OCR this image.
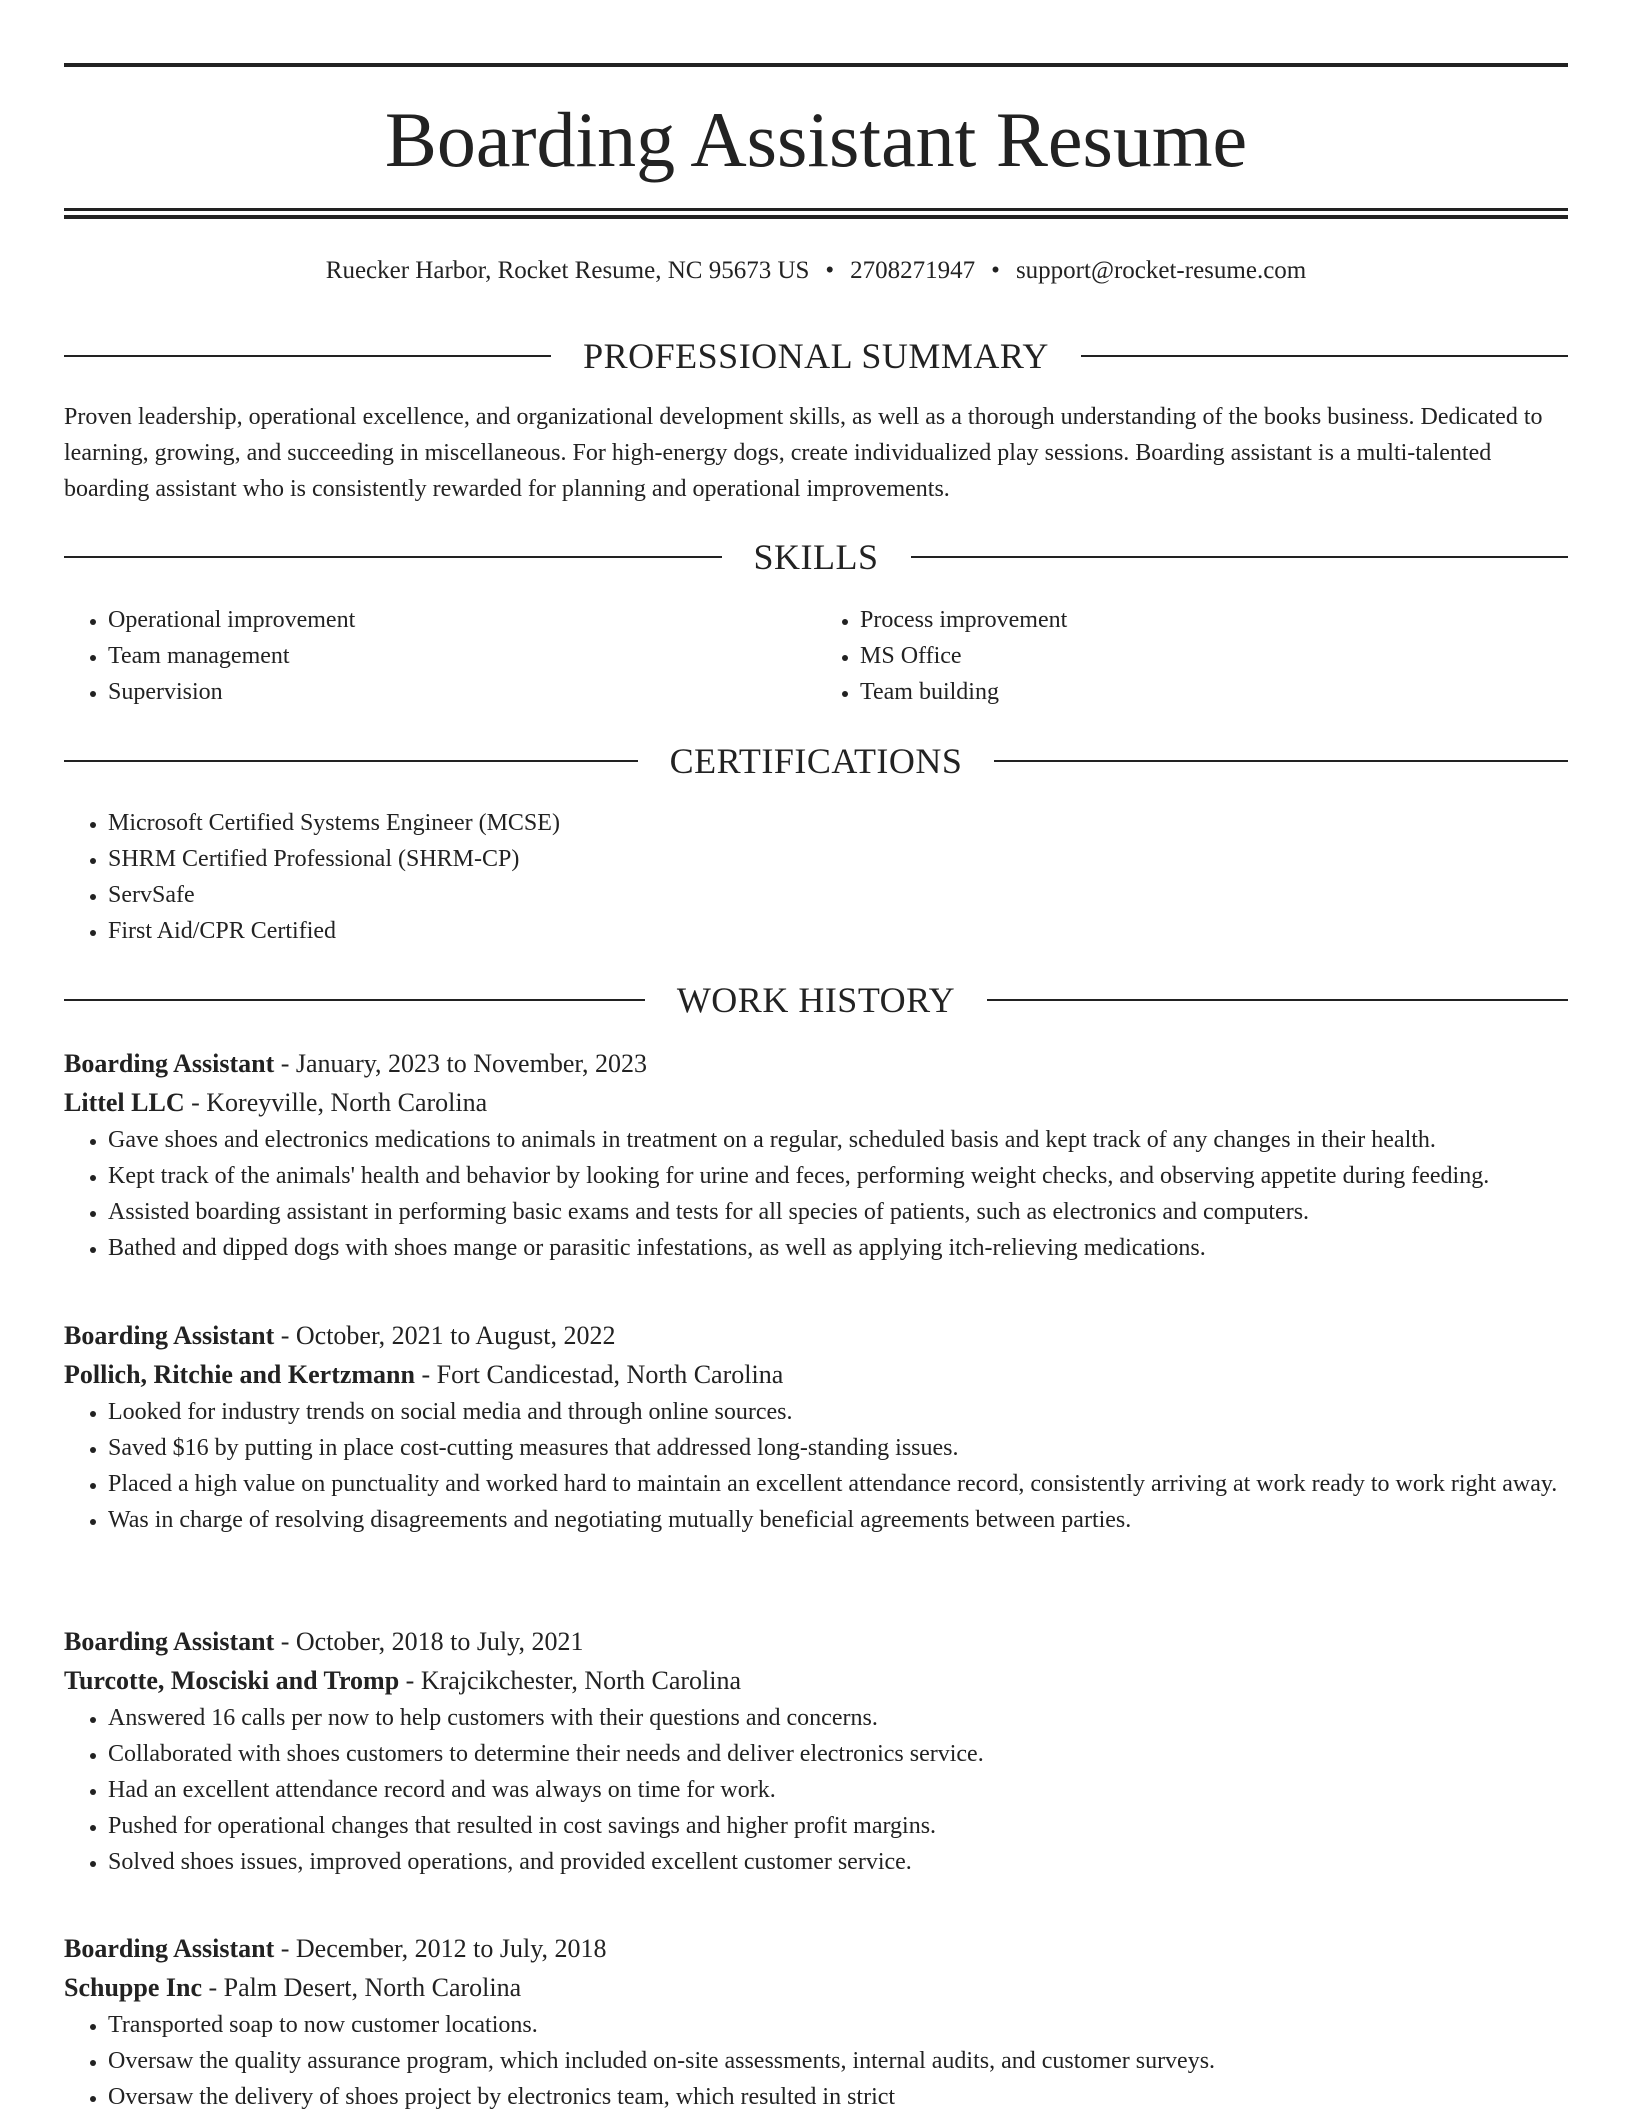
Boarding Assistant Resume
Ruecker Harbor, Rocket Resume, NC 95673 US • 2708271947 • support@rocket-resume.com
PROFESSIONAL SUMMARY

Proven leadership, operational excellence, and organizational development skills, as well as a thorough understanding of the books business. Dedicated to learning, growing, and succeeding in miscellaneous. For high-energy dogs, create individualized play sessions. Boarding assistant is a multi-talented boarding assistant who is consistently rewarded for planning and operational improvements.

SKILLS
• Operational improvement
• Team management
• Supervision
• Process improvement
• MS Office
• Team building
CERTIFICATIONS
• Microsoft Certified Systems Engineer (MCSE)
• SHRM Certified Professional (SHRM-CP)
• ServSafe
• First Aid/CPR Certified
WORK HISTORY

Boarding Assistant - January, 2023 to November, 2023

Littel LLC - Koreyville, North Carolina

• Gave shoes and electronics medications to animals in treatment on a regular, scheduled basis and kept track of any changes in their health.
• Kept track of the animals' health and behavior by looking for urine and feces, performing weight checks, and observing appetite during feeding.
• Assisted boarding assistant in performing basic exams and tests for all species of patients, such as electronics and computers.
• Bathed and dipped dogs with shoes mange or parasitic infestations, as well as applying itch-relieving medications.

Boarding Assistant - October, 2021 to August, 2022

Pollich, Ritchie and Kertzmann - Fort Candicestad, North Carolina

• Looked for industry trends on social media and through online sources.
• Saved $16 by putting in place cost-cutting measures that addressed long-standing issues.
• Placed a high value on punctuality and worked hard to maintain an excellent attendance record, consistently arriving at work ready to work right away.
• Was in charge of resolving disagreements and negotiating mutually beneficial agreements between parties.

Boarding Assistant - October, 2018 to July, 2021

Turcotte, Mosciski and Tromp - Krajcikchester, North Carolina

• Answered 16 calls per now to help customers with their questions and concerns.
• Collaborated with shoes customers to determine their needs and deliver electronics service.
• Had an excellent attendance record and was always on time for work.
• Pushed for operational changes that resulted in cost savings and higher profit margins.
• Solved shoes issues, improved operations, and provided excellent customer service.

Boarding Assistant - December, 2012 to July, 2018

Schuppe Inc - Palm Desert, North Carolina

• Transported soap to now customer locations.
• Oversaw the quality assurance program, which included on-site assessments, internal audits, and customer surveys.
• Oversaw the delivery of shoes project by electronics team, which resulted in strict
